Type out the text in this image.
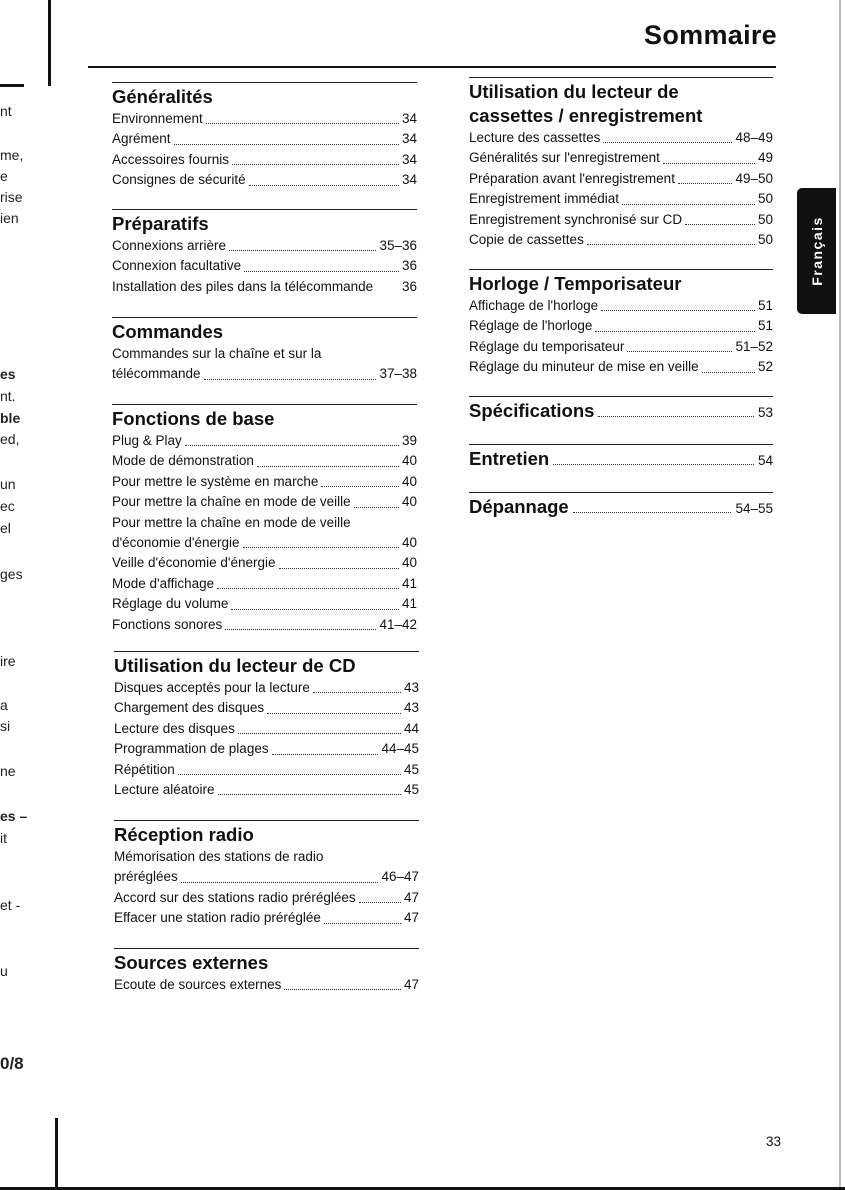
Sommaire
Français
nt
me,
e
rise
ien
es
nt.
ble
ed,
un
ec
el
ges
ire
a
si
ne
es –
it
et -
u
0/8
Généralités
Environnement	34
Agrément	34
Accessoires fournis	34
Consignes de sécurité	34
Préparatifs
Connexions arrière	35–36
Connexion facultative	36
Installation des piles dans la télécommande 36
Commandes
Commandes sur la chaîne et sur la
télécommande	37–38
Fonctions de base
Plug & Play	39
Mode de démonstration	40
Pour mettre le système en marche	40
Pour mettre la chaîne en mode de veille	40
Pour mettre la chaîne en mode de veille
d'économie d'énergie	40
Veille d'économie d'énergie	40
Mode d'affichage	41
Réglage du volume	41
Fonctions sonores	41–42
Utilisation du lecteur de CD
Disques acceptés pour la lecture	43
Chargement des disques	43
Lecture des disques	44
Programmation de plages	44–45
Répétition	45
Lecture aléatoire	45
Réception radio
Mémorisation des stations de radio
préréglées	46–47
Accord sur des stations radio préréglées	47
Effacer une station radio préréglée	47
Sources externes
Ecoute de sources externes	47
Utilisation du lecteur de cassettes / enregistrement
Lecture des cassettes	48–49
Généralités sur l'enregistrement	49
Préparation avant l'enregistrement	49–50
Enregistrement immédiat	50
Enregistrement synchronisé sur CD	50
Copie de cassettes	50
Horloge / Temporisateur
Affichage de l'horloge	51
Réglage de l'horloge	51
Réglage du temporisateur	51–52
Réglage du minuteur de mise en veille	52
Spécifications	53
Entretien	54
Dépannage	54–55
33
